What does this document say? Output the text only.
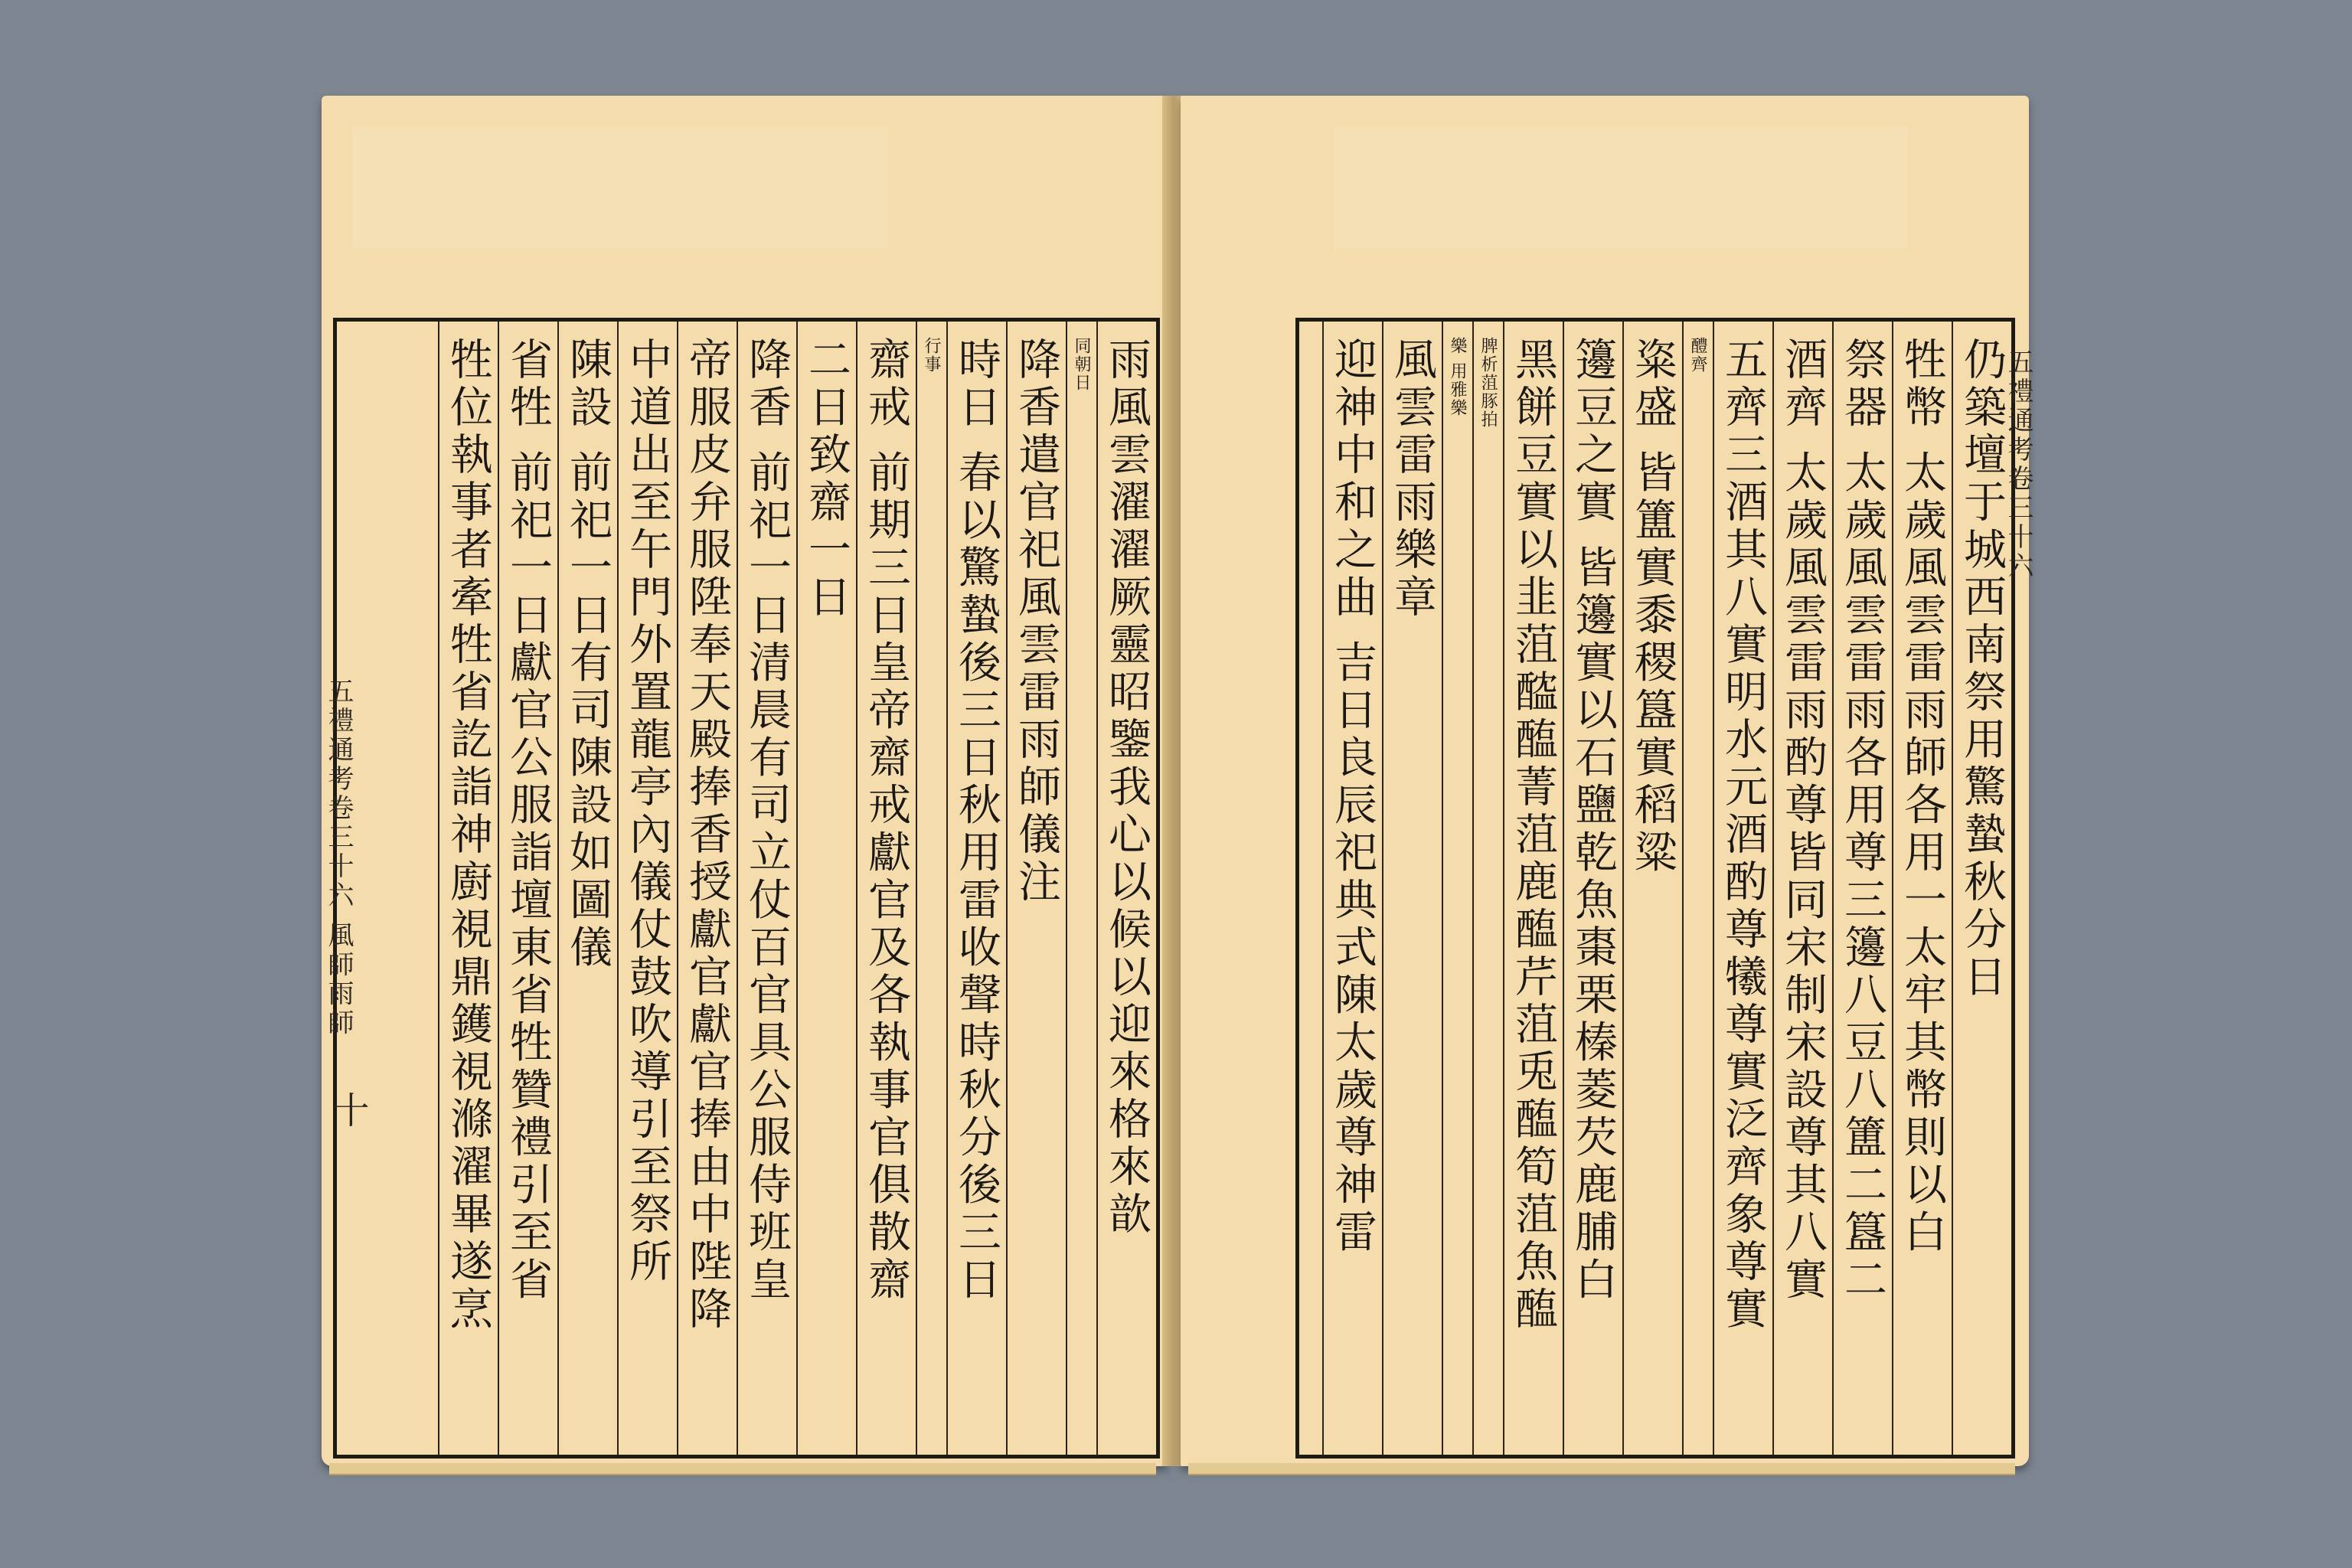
雨風雲濯濯厥靈昭鑒我心以候以迎來格來歆
同朝日
降香遣官祀風雲雷雨師儀注
時日 春以驚蟄後三日秋用雷收聲時秋分後三日
行事
齋戒 前期三日皇帝齋戒獻官及各執事官俱散齋
二日致齋一日
降香 前祀一日清晨有司立仗百官具公服侍班皇
帝服皮弁服陞奉天殿捧香授獻官獻官捧由中陛降
中道出至午門外置龍亭內儀仗鼓吹導引至祭所
陳設 前祀一日有司陳設如圖儀
省牲 前祀一日獻官公服詣壇東省牲贊禮引至省
牲位執事者牽牲省訖詣神廚視鼎鑊視滌濯畢遂烹
五禮通考卷三十六 風師雨師
十
仍築壇于城西南祭用驚蟄秋分日
牲幣 太歲風雲雷雨師各用一太牢其幣則以白
祭器 太歲風雲雷雨各用尊三籩八豆八簠二簋二
酒齊 太歲風雲雷雨酌尊皆同宋制宋設尊其八實
五齊三酒其八實明水元酒酌尊犧尊實泛齊象尊實
醴齊
粢盛 皆簠實黍稷簋實稻粱
籩豆之實 皆籩實以石鹽乾魚棗栗榛菱芡鹿脯白
黑餅豆實以韭菹醓醢菁菹鹿醢芹菹兎醢筍菹魚醢
脾析菹豚拍
樂 用雅樂
風雲雷雨樂章
迎神中和之曲 吉日良辰祀典式陳太歲尊神雷	五禮通考卷三十六
